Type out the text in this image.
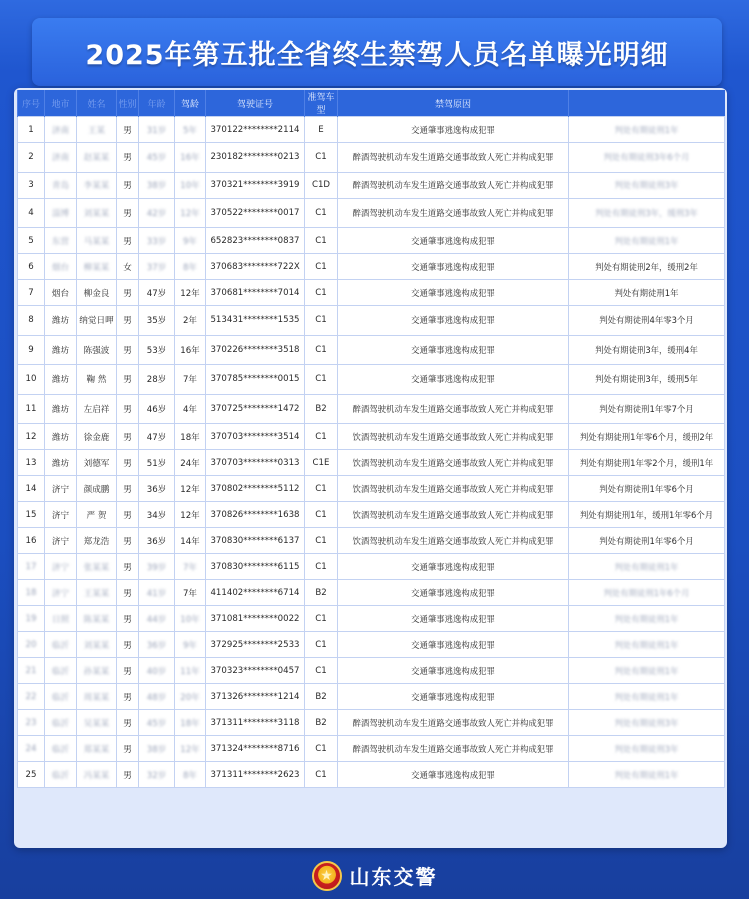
2025年第五批全省终生禁驾人员名单曝光明细
序号	地市	姓名	性别	年龄	驾龄	驾驶证号	准驾车型	禁驾原因	
1	济南	王某	男	31岁	5年	370122********2114	E	交通肇事逃逸构成犯罪	判处有期徒刑1年
2	济南	赵某某	男	45岁	16年	230182********0213	C1	醉酒驾驶机动车发生道路交通事故致人死亡并构成犯罪	判处有期徒刑3年6个月
3	青岛	李某某	男	38岁	10年	370321********3919	C1D	醉酒驾驶机动车发生道路交通事故致人死亡并构成犯罪	判处有期徒刑3年
4	淄博	刘某某	男	42岁	12年	370522********0017	C1	醉酒驾驶机动车发生道路交通事故致人死亡并构成犯罪	判处有期徒刑3年，缓刑3年
5	东营	马某某	男	33岁	9年	652823********0837	C1	交通肇事逃逸构成犯罪	判处有期徒刑1年
6	烟台	柳某某	女	37岁	8年	370683********722X	C1	交通肇事逃逸构成犯罪	判处有期徒刑2年，缓刑2年
7	烟台	柳金良	男	47岁	12年	370681********7014	C1	交通肇事逃逸构成犯罪	判处有期徒刑1年
8	潍坊	纳觉日呷	男	35岁	2年	513431********1535	C1	交通肇事逃逸构成犯罪	判处有期徒刑4年零3个月
9	潍坊	陈强波	男	53岁	16年	370226********3518	C1	交通肇事逃逸构成犯罪	判处有期徒刑3年，缓刑4年
10	潍坊	鞠 然	男	28岁	7年	370785********0015	C1	交通肇事逃逸构成犯罪	判处有期徒刑3年，缓刑5年
11	潍坊	左启祥	男	46岁	4年	370725********1472	B2	醉酒驾驶机动车发生道路交通事故致人死亡并构成犯罪	判处有期徒刑1年零7个月
12	潍坊	徐金鹿	男	47岁	18年	370703********3514	C1	饮酒驾驶机动车发生道路交通事故致人死亡并构成犯罪	判处有期徒刑1年零6个月，缓刑2年
13	潍坊	刘德军	男	51岁	24年	370703********0313	C1E	饮酒驾驶机动车发生道路交通事故致人死亡并构成犯罪	判处有期徒刑1年零2个月，缓刑1年
14	济宁	颜成鹏	男	36岁	12年	370802********5112	C1	饮酒驾驶机动车发生道路交通事故致人死亡并构成犯罪	判处有期徒刑1年零6个月
15	济宁	严 贺	男	34岁	12年	370826********1638	C1	饮酒驾驶机动车发生道路交通事故致人死亡并构成犯罪	判处有期徒刑1年，缓刑1年零6个月
16	济宁	郑龙浩	男	36岁	14年	370830********6137	C1	饮酒驾驶机动车发生道路交通事故致人死亡并构成犯罪	判处有期徒刑1年零6个月
17	济宁	张某某	男	39岁	7年	370830********6115	C1	交通肇事逃逸构成犯罪	判处有期徒刑1年
18	济宁	王某某	男	41岁	7年	411402********6714	B2	交通肇事逃逸构成犯罪	判处有期徒刑1年6个月
19	日照	陈某某	男	44岁	10年	371081********0022	C1	交通肇事逃逸构成犯罪	判处有期徒刑1年
20	临沂	刘某某	男	36岁	9年	372925********2533	C1	交通肇事逃逸构成犯罪	判处有期徒刑1年
21	临沂	孙某某	男	40岁	11年	370323********0457	C1	交通肇事逃逸构成犯罪	判处有期徒刑1年
22	临沂	周某某	男	48岁	20年	371326********1214	B2	交通肇事逃逸构成犯罪	判处有期徒刑1年
23	临沂	吴某某	男	45岁	18年	371311********3118	B2	醉酒驾驶机动车发生道路交通事故致人死亡并构成犯罪	判处有期徒刑3年
24	临沂	郑某某	男	38岁	12年	371324********8716	C1	醉酒驾驶机动车发生道路交通事故致人死亡并构成犯罪	判处有期徒刑3年
25	临沂	冯某某	男	32岁	8年	371311********2623	C1	交通肇事逃逸构成犯罪	判处有期徒刑1年
★ 山东交警
